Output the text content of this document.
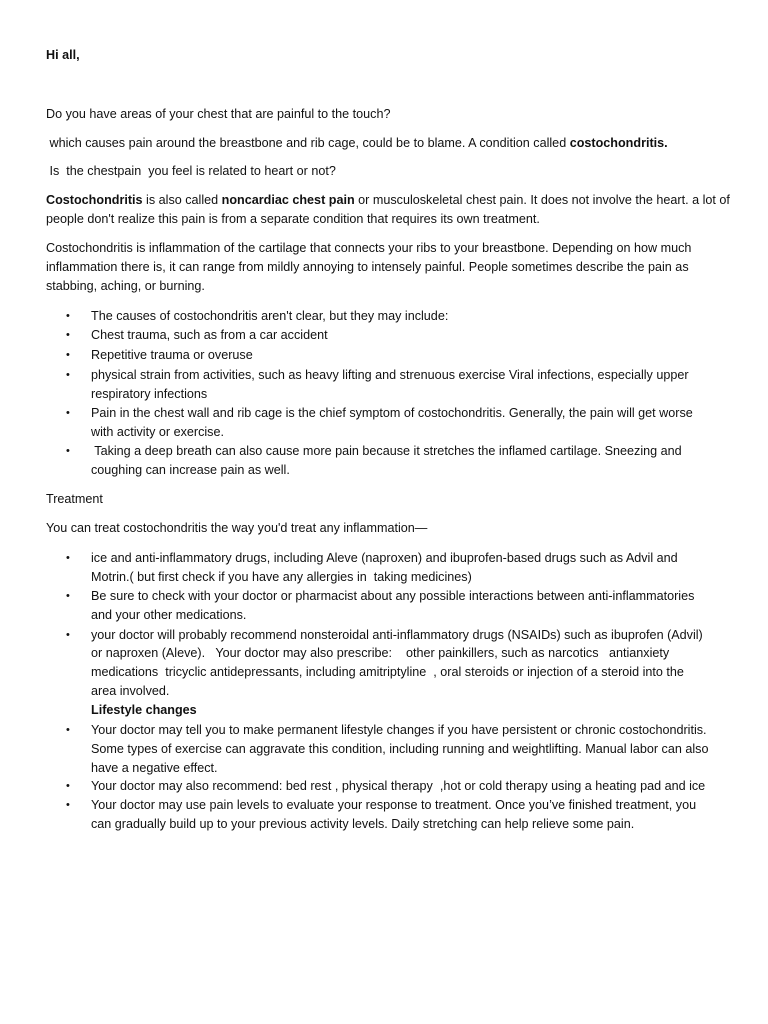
Hi all,
Do you have areas of your chest that are painful to the touch?
which causes pain around the breastbone and rib cage, could be to blame. A condition called costochondritis.
Is  the chestpain  you feel is related to heart or not?
Costochondritis is also called noncardiac chest pain or musculoskeletal chest pain. It does not involve the heart. a lot of
people don't realize this pain is from a separate condition that requires its own treatment.
Costochondritis is inflammation of the cartilage that connects your ribs to your breastbone. Depending on how much
inflammation there is, it can range from mildly annoying to intensely painful. People sometimes describe the pain as
stabbing, aching, or burning.
• The causes of costochondritis aren't clear, but they may include:
• Chest trauma, such as from a car accident
• Repetitive trauma or overuse
• physical strain from activities, such as heavy lifting and strenuous exercise Viral infections, especially upper
respiratory infections
• Pain in the chest wall and rib cage is the chief symptom of costochondritis. Generally, the pain will get worse
with activity or exercise.
• Taking a deep breath can also cause more pain because it stretches the inflamed cartilage. Sneezing and
coughing can increase pain as well.
Treatment
You can treat costochondritis the way you'd treat any inflammation—
• ice and anti-inflammatory drugs, including Aleve (naproxen) and ibuprofen-based drugs such as Advil and
Motrin.( but first check if you have any allergies in  taking medicines)
• Be sure to check with your doctor or pharmacist about any possible interactions between anti-inflammatories
and your other medications.
• your doctor will probably recommend nonsteroidal anti-inflammatory drugs (NSAIDs) such as ibuprofen (Advil)
or naproxen (Aleve).   Your doctor may also prescribe:    other painkillers, such as narcotics   antianxiety
medications  tricyclic antidepressants, including amitriptyline  , oral steroids or injection of a steroid into the
area involved.
Lifestyle changes
• Your doctor may tell you to make permanent lifestyle changes if you have persistent or chronic costochondritis.
Some types of exercise can aggravate this condition, including running and weightlifting. Manual labor can also
have a negative effect.
• Your doctor may also recommend: bed rest , physical therapy  ,hot or cold therapy using a heating pad and ice
• Your doctor may use pain levels to evaluate your response to treatment. Once you’ve finished treatment, you
can gradually build up to your previous activity levels. Daily stretching can help relieve some pain.
